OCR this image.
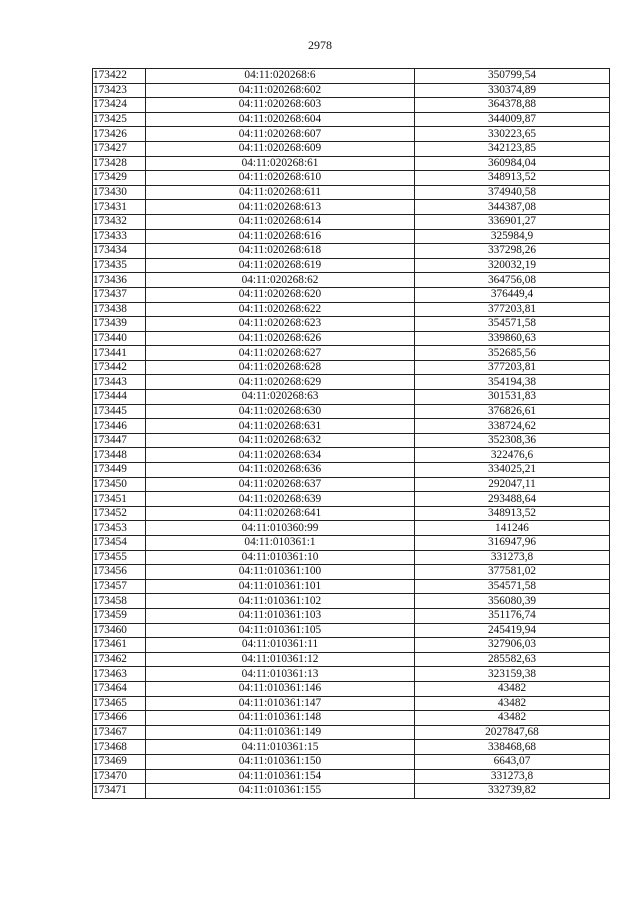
2978
173422	04:11:020268:6	350799,54
173423	04:11:020268:602	330374,89
173424	04:11:020268:603	364378,88
173425	04:11:020268:604	344009,87
173426	04:11:020268:607	330223,65
173427	04:11:020268:609	342123,85
173428	04:11:020268:61	360984,04
173429	04:11:020268:610	348913,52
173430	04:11:020268:611	374940,58
173431	04:11:020268:613	344387,08
173432	04:11:020268:614	336901,27
173433	04:11:020268:616	325984,9
173434	04:11:020268:618	337298,26
173435	04:11:020268:619	320032,19
173436	04:11:020268:62	364756,08
173437	04:11:020268:620	376449,4
173438	04:11:020268:622	377203,81
173439	04:11:020268:623	354571,58
173440	04:11:020268:626	339860,63
173441	04:11:020268:627	352685,56
173442	04:11:020268:628	377203,81
173443	04:11:020268:629	354194,38
173444	04:11:020268:63	301531,83
173445	04:11:020268:630	376826,61
173446	04:11:020268:631	338724,62
173447	04:11:020268:632	352308,36
173448	04:11:020268:634	322476,6
173449	04:11:020268:636	334025,21
173450	04:11:020268:637	292047,11
173451	04:11:020268:639	293488,64
173452	04:11:020268:641	348913,52
173453	04:11:010360:99	141246
173454	04:11:010361:1	316947,96
173455	04:11:010361:10	331273,8
173456	04:11:010361:100	377581,02
173457	04:11:010361:101	354571,58
173458	04:11:010361:102	356080,39
173459	04:11:010361:103	351176,74
173460	04:11:010361:105	245419,94
173461	04:11:010361:11	327906,03
173462	04:11:010361:12	285582,63
173463	04:11:010361:13	323159,38
173464	04:11:010361:146	43482
173465	04:11:010361:147	43482
173466	04:11:010361:148	43482
173467	04:11:010361:149	2027847,68
173468	04:11:010361:15	338468,68
173469	04:11:010361:150	6643,07
173470	04:11:010361:154	331273,8
173471	04:11:010361:155	332739,82
